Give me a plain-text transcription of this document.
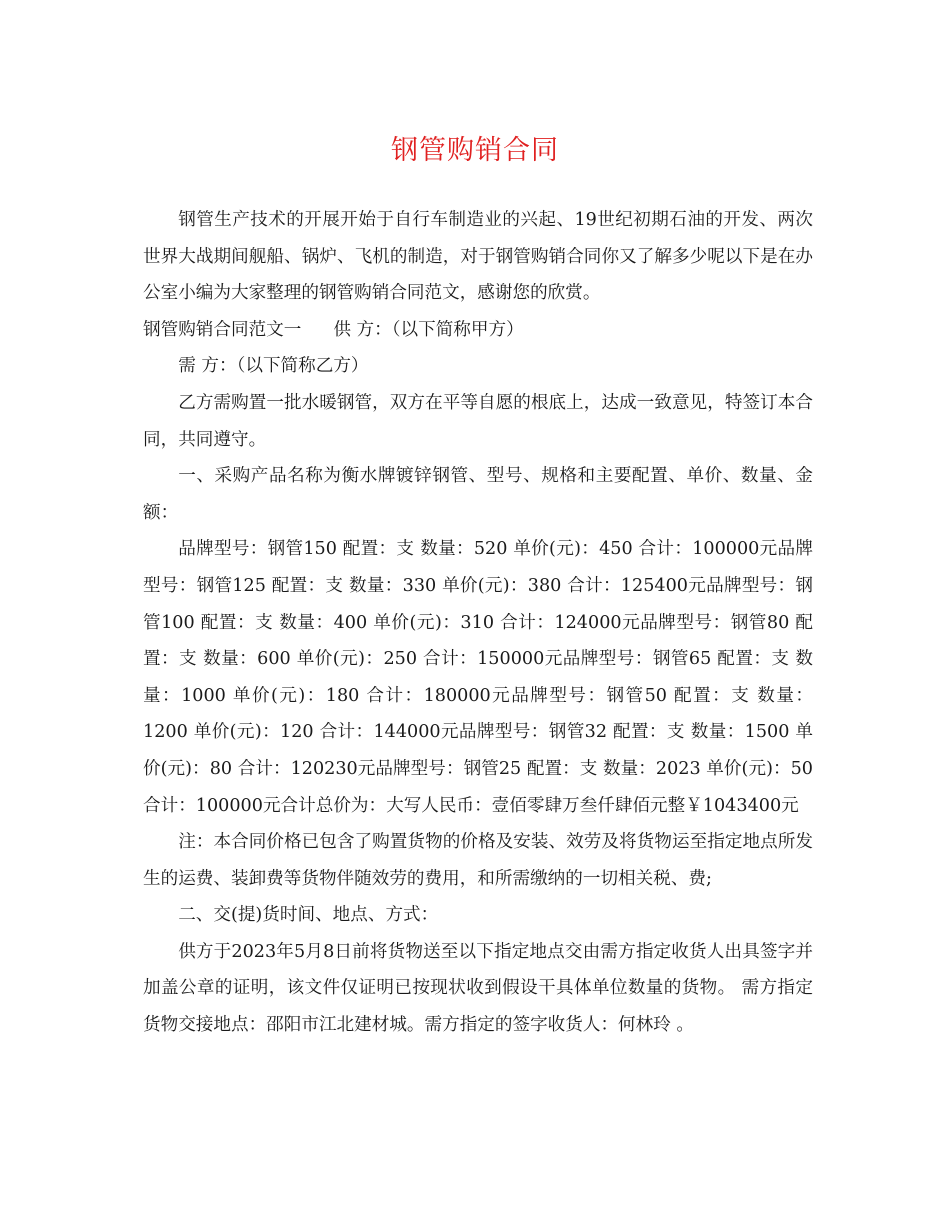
钢管购销合同

钢管生产技术的开展开始于自行车制造业的兴起、19世纪初期石油的开发、两次世界大战期间舰船、锅炉、飞机的制造，对于钢管购销合同你又了解多少呢以下是在办公室小编为大家整理的钢管购销合同范文，感谢您的欣赏。

钢管购销合同范文一 供 方：（以下简称甲方）

需 方：（以下简称乙方）

乙方需购置一批水暖钢管，双方在平等自愿的根底上，达成一致意见，特签订本合同，共同遵守。

一、采购产品名称为衡水牌镀锌钢管、型号、规格和主要配置、单价、数量、金额：

品牌型号：钢管150 配置：支 数量：520 单价(元)：450 合计：100000元品牌型号：钢管125 配置：支 数量：330 单价(元)：380 合计：125400元品牌型号：钢管100 配置：支 数量：400 单价(元)：310 合计：124000元品牌型号：钢管80 配置：支 数量：600 单价(元)：250 合计：150000元品牌型号：钢管65 配置：支 数量：1000 单价(元)：180 合计：180000元品牌型号：钢管50 配置：支 数量：1200 单价(元)：120 合计：144000元品牌型号：钢管32 配置：支 数量：1500 单价(元)：80 合计：120230元品牌型号：钢管25 配置：支 数量：2023 单价(元)：50 合计：100000元合计总价为：大写人民币：壹佰零肆万叁仟肆佰元整￥1043400元

注：本合同价格已包含了购置货物的价格及安装、效劳及将货物运至指定地点所发生的运费、装卸费等货物伴随效劳的费用，和所需缴纳的一切相关税、费;

二、交(提)货时间、地点、方式：

供方于2023年5月8日前将货物送至以下指定地点交由需方指定收货人出具签字并加盖公章的证明，该文件仅证明已按现状收到假设干具体单位数量的货物。 需方指定货物交接地点：邵阳市江北建材城。需方指定的签字收货人：何林玲 。
